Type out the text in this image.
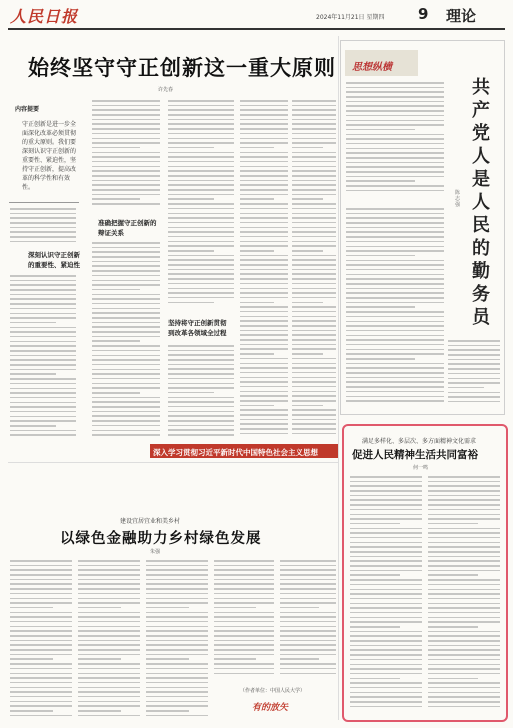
人民日报	2024年11月21日 星期四 9 理论
始终坚守守正创新这一重大原则
许先春
内容提要
守正创新是进一步全面深化改革必须贯彻的重大原则。我们要深刻认识守正创新的重要性、紧迫性，坚持守正创新，提高改革的科学性和有效性。
深刻认识守正创新的重要性、紧迫性
准确把握守正创新的辩证关系
坚持将守正创新贯彻到改革各领域全过程
思想纵横
共产党人是人民的勤务员
陈志强
深入学习贯彻习近平新时代中国特色社会主义思想
建设宜居宜业和美乡村
以绿色金融助力乡村绿色发展
朱强
（作者单位：中国人民大学）
有的放矢
满足多样化、多层次、多方面精神文化需求
促进人民精神生活共同富裕
何一鸣
